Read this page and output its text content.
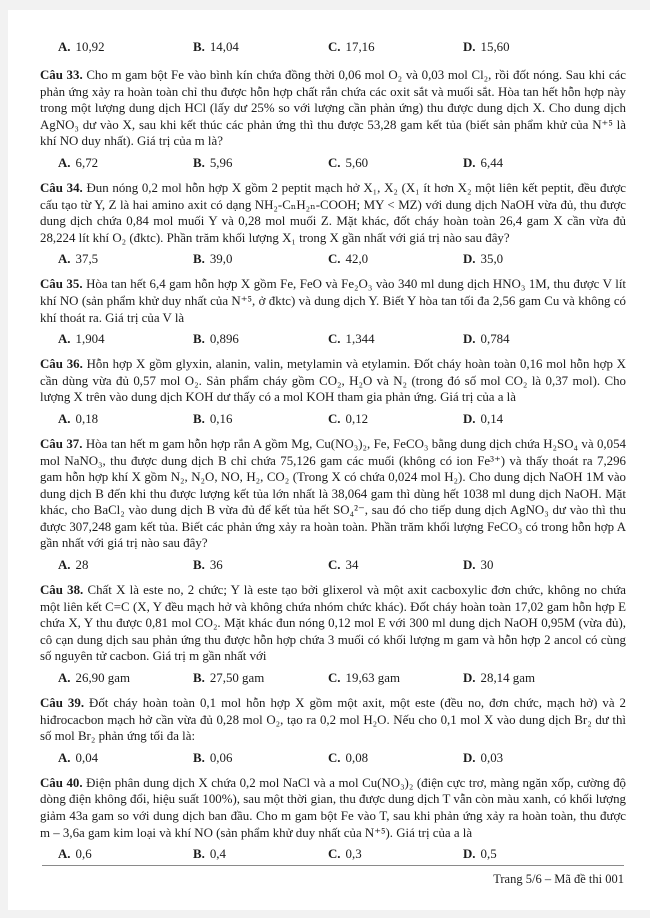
A. 10,92	B. 14,04	C. 17,16	D. 15,60

Câu 33. Cho m gam bột Fe vào bình kín chứa đồng thời 0,06 mol O₂ và 0,03 mol Cl₂, rồi đốt nóng. Sau khi các phản ứng xảy ra hoàn toàn chỉ thu được hỗn hợp chất rắn chứa các oxit sắt và muối sắt. Hòa tan hết hỗn hợp này trong một lượng dung dịch HCl (lấy dư 25% so với lượng cần phản ứng) thu được dung dịch X. Cho dung dịch AgNO₃ dư vào X, sau khi kết thúc các phản ứng thì thu được 53,28 gam kết tủa (biết sản phẩm khử của N⁺⁵ là khí NO duy nhất). Giá trị của m là?

A. 6,72	B. 5,96	C. 5,60	D. 6,44

Câu 34. Đun nóng 0,2 mol hỗn hợp X gồm 2 peptit mạch hở X₁, X₂ (X₁ ít hơn X₂ một liên kết peptit, đều được cấu tạo từ Y, Z là hai amino axit có dạng NH₂-CₙH₂ₙ-COOH; MY < MZ) với dung dịch NaOH vừa đủ, thu được dung dịch chứa 0,84 mol muối Y và 0,28 mol muối Z. Mặt khác, đốt cháy hoàn toàn 26,4 gam X cần vừa đủ 28,224 lít khí O₂ (đktc). Phần trăm khối lượng X₁ trong X gần nhất với giá trị nào sau đây?

A. 37,5	B. 39,0	C. 42,0	D. 35,0

Câu 35. Hòa tan hết 6,4 gam hỗn hợp X gồm Fe, FeO và Fe₂O₃ vào 340 ml dung dịch HNO₃ 1M, thu được V lít khí NO (sản phẩm khử duy nhất của N⁺⁵, ở đktc) và dung dịch Y. Biết Y hòa tan tối đa 2,56 gam Cu và không có khí thoát ra. Giá trị của V là

A. 1,904	B. 0,896	C. 1,344	D. 0,784

Câu 36. Hỗn hợp X gồm glyxin, alanin, valin, metylamin và etylamin. Đốt cháy hoàn toàn 0,16 mol hỗn hợp X cần dùng vừa đủ 0,57 mol O₂. Sản phẩm cháy gồm CO₂, H₂O và N₂ (trong đó số mol CO₂ là 0,37 mol). Cho lượng X trên vào dung dịch KOH dư thấy có a mol KOH tham gia phản ứng. Giá trị của a là

A. 0,18	B. 0,16	C. 0,12	D. 0,14

Câu 37. Hòa tan hết m gam hỗn hợp rắn A gồm Mg, Cu(NO₃)₂, Fe, FeCO₃ bằng dung dịch chứa H₂SO₄ và 0,054 mol NaNO₃, thu được dung dịch B chỉ chứa 75,126 gam các muối (không có ion Fe³⁺) và thấy thoát ra 7,296 gam hỗn hợp khí X gồm N₂, N₂O, NO, H₂, CO₂ (Trong X có chứa 0,024 mol H₂). Cho dung dịch NaOH 1M vào dung dịch B đến khi thu được lượng kết tủa lớn nhất là 38,064 gam thì dùng hết 1038 ml dung dịch NaOH. Mặt khác, cho BaCl₂ vào dung dịch B vừa đủ để kết tủa hết SO₄²⁻, sau đó cho tiếp dung dịch AgNO₃ dư vào thì thu được 307,248 gam kết tủa. Biết các phản ứng xảy ra hoàn toàn. Phần trăm khối lượng FeCO₃ có trong hỗn hợp A gần nhất với giá trị nào sau đây?

A. 28	B. 36	C. 34	D. 30

Câu 38. Chất X là este no, 2 chức; Y là este tạo bởi glixerol và một axit cacboxylic đơn chức, không no chứa một liên kết C=C (X, Y đều mạch hở và không chứa nhóm chức khác). Đốt cháy hoàn toàn 17,02 gam hỗn hợp E chứa X, Y thu được 0,81 mol CO₂. Mặt khác đun nóng 0,12 mol E với 300 ml dung dịch NaOH 0,95M (vừa đủ), cô cạn dung dịch sau phản ứng thu được hỗn hợp chứa 3 muối có khối lượng m gam và hỗn hợp 2 ancol có cùng số nguyên tử cacbon. Giá trị m gần nhất với

A. 26,90 gam	B. 27,50 gam	C. 19,63 gam	D. 28,14 gam

Câu 39. Đốt cháy hoàn toàn 0,1 mol hỗn hợp X gồm một axit, một este (đều no, đơn chức, mạch hở) và 2 hiđrocacbon mạch hở cần vừa đủ 0,28 mol O₂, tạo ra 0,2 mol H₂O. Nếu cho 0,1 mol X vào dung dịch Br₂ dư thì số mol Br₂ phản ứng tối đa là:

A. 0,04	B. 0,06	C. 0,08	D. 0,03

Câu 40. Điện phân dung dịch X chứa 0,2 mol NaCl và a mol Cu(NO₃)₂ (điện cực trơ, màng ngăn xốp, cường độ dòng điện không đổi, hiệu suất 100%), sau một thời gian, thu được dung dịch T vẫn còn màu xanh, có khối lượng giảm 43a gam so với dung dịch ban đầu. Cho m gam bột Fe vào T, sau khi phản ứng xảy ra hoàn toàn, thu được m – 3,6a gam kim loại và khí NO (sản phẩm khử duy nhất của N⁺⁵). Giá trị của a là

A. 0,6	B. 0,4	C. 0,3	D. 0,5
Trang 5/6 – Mã đề thi 001
